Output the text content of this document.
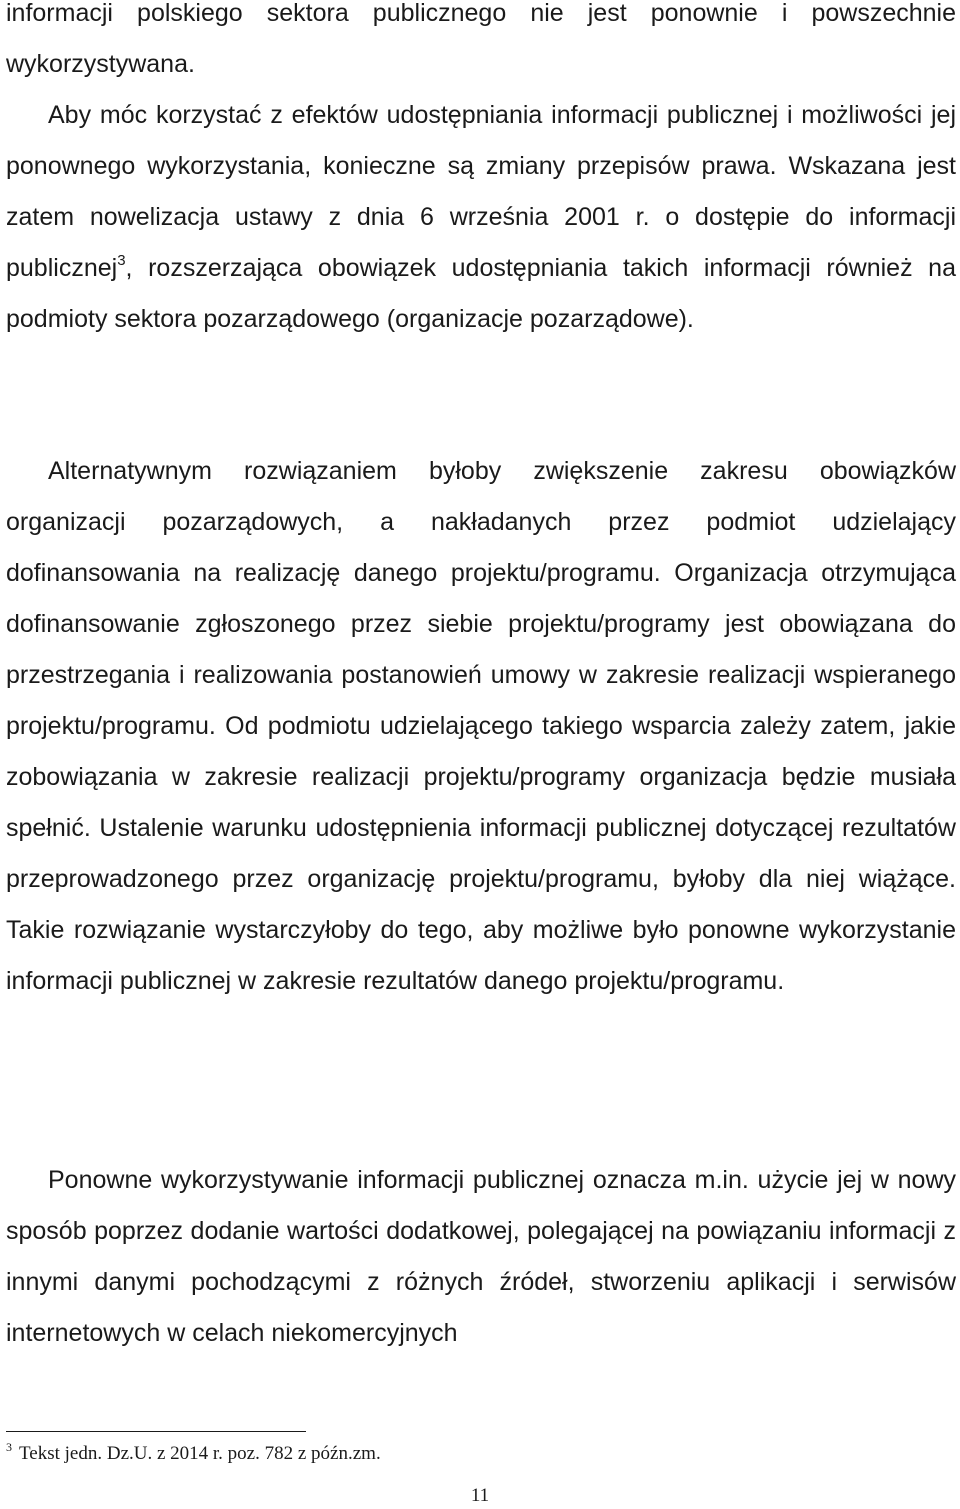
informacji polskiego sektora publicznego nie jest ponownie i powszechnie wykorzystywana.
Aby móc korzystać z efektów udostępniania informacji publicznej i możliwości jej ponownego wykorzystania, konieczne są zmiany przepisów prawa. Wskazana jest zatem nowelizacja ustawy z dnia 6 września 2001 r. o dostępie do informacji publicznej$^3$, rozszerzająca obowiązek udostępniania takich informacji również na podmioty sektora pozarządowego (organizacje pozarządowe).

Alternatywnym rozwiązaniem byłoby zwiększenie zakresu obowiązków organizacji pozarządowych, a nakładanych przez podmiot udzielający dofinansowania na realizację danego projektu/programu. Organizacja otrzymująca dofinansowanie zgłoszonego przez siebie projektu/programy jest obowiązana do przestrzegania i realizowania postanowień umowy w zakresie realizacji wspieranego projektu/programu. Od podmiotu udzielającego takiego wsparcia zależy zatem, jakie zobowiązania w zakresie realizacji projektu/programy organizacja będzie musiała spełnić. Ustalenie warunku udostępnienia informacji publicznej dotyczącej rezultatów przeprowadzonego przez organizację projektu/programu, byłoby dla niej wiążące. Takie rozwiązanie wystarczyłoby do tego, aby możliwe było ponowne wykorzystanie informacji publicznej w zakresie rezultatów danego projektu/programu.

Ponowne wykorzystywanie informacji publicznej oznacza m.in. użycie jej w nowy sposób poprzez dodanie wartości dodatkowej, polegającej na powiązaniu informacji z innymi danymi pochodzącymi z różnych źródeł, stworzeniu aplikacji i serwisów internetowych w celach niekomercyjnych

$^3$ Tekst jedn. Dz.U. z 2014 r. poz. 782 z późn.zm.

11
